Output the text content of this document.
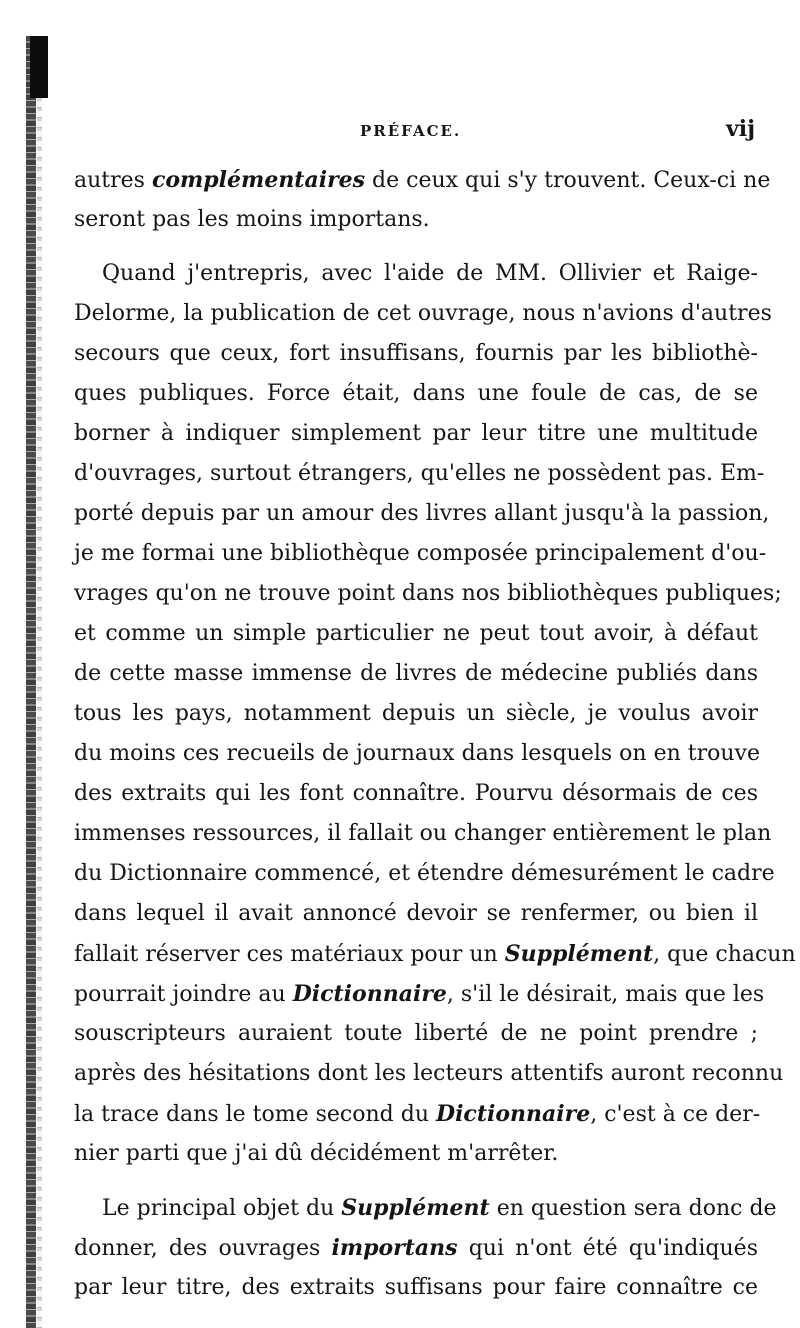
PRÉFACE.	vij
autres complémentaires de ceux qui s'y trouvent. Ceux-ci ne
seront pas les moins importans.
Quand j'entrepris, avec l'aide de MM. Ollivier et Raige-
Delorme, la publication de cet ouvrage, nous n'avions d'autres
secours que ceux, fort insuffisans, fournis par les bibliothè-
ques publiques. Force était, dans une foule de cas, de se
borner à indiquer simplement par leur titre une multitude
d'ouvrages, surtout étrangers, qu'elles ne possèdent pas. Em-
porté depuis par un amour des livres allant jusqu'à la passion,
je me formai une bibliothèque composée principalement d'ou-
vrages qu'on ne trouve point dans nos bibliothèques publiques;
et comme un simple particulier ne peut tout avoir, à défaut
de cette masse immense de livres de médecine publiés dans
tous les pays, notamment depuis un siècle, je voulus avoir
du moins ces recueils de journaux dans lesquels on en trouve
des extraits qui les font connaître. Pourvu désormais de ces
immenses ressources, il fallait ou changer entièrement le plan
du Dictionnaire commencé, et étendre démesurément le cadre
dans lequel il avait annoncé devoir se renfermer, ou bien il
fallait réserver ces matériaux pour un Supplément, que chacun
pourrait joindre au Dictionnaire, s'il le désirait, mais que les
souscripteurs auraient toute liberté de ne point prendre ;
après des hésitations dont les lecteurs attentifs auront reconnu
la trace dans le tome second du Dictionnaire, c'est à ce der-
nier parti que j'ai dû décidément m'arrêter.
Le principal objet du Supplément en question sera donc de
donner, des ouvrages importans qui n'ont été qu'indiqués
par leur titre, des extraits suffisans pour faire connaître ce
